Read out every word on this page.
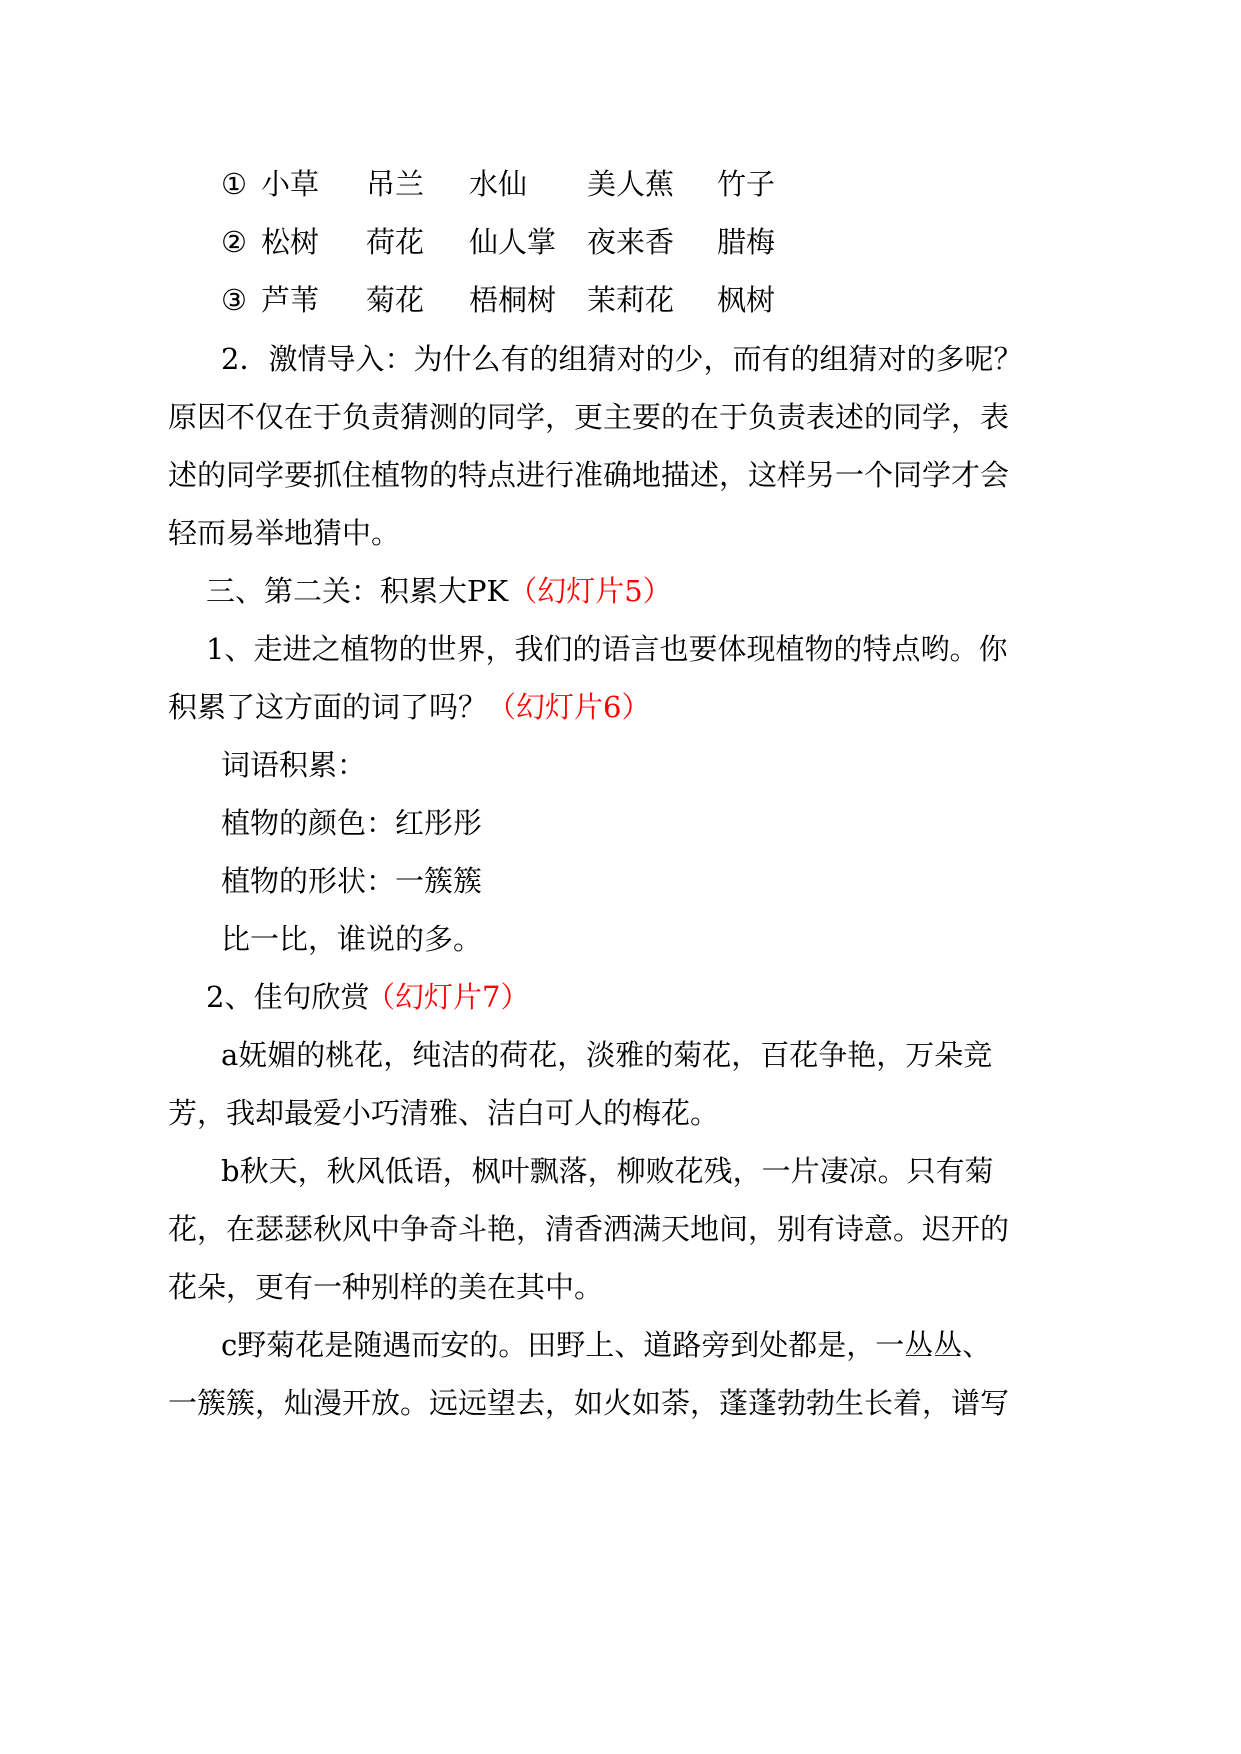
① 小草 吊兰 水仙 美人蕉 竹子
② 松树 荷花 仙人掌 夜来香 腊梅
③ 芦苇 菊花 梧桐树 茉莉花 枫树
2．激情导入：为什么有的组猜对的少，而有的组猜对的多呢？
原因不仅在于负责猜测的同学，更主要的在于负责表述的同学，表
述的同学要抓住植物的特点进行准确地描述，这样另一个同学才会
轻而易举地猜中。
三、第二关：积累大PK（幻灯片5）
1、走进之植物的世界，我们的语言也要体现植物的特点哟。你
积累了这方面的词了吗？（幻灯片6）
词语积累：
植物的颜色：红彤彤
植物的形状：一簇簇
比一比，谁说的多。
2、佳句欣赏
（幻灯片7）
a妩媚的桃花，纯洁的荷花，淡雅的菊花，百花争艳，万朵竞
芳，我却最爱小巧清雅、洁白可人的梅花。
b秋天，秋风低语，枫叶飘落，柳败花残，一片凄凉。只有菊
花，在瑟瑟秋风中争奇斗艳，清香洒满天地间，别有诗意。迟开的
花朵，更有一种别样的美在其中。
c野菊花是随遇而安的。田野上、道路旁到处都是，一丛丛、
一簇簇，灿漫开放。远远望去，如火如荼，蓬蓬勃勃生长着，谱写
